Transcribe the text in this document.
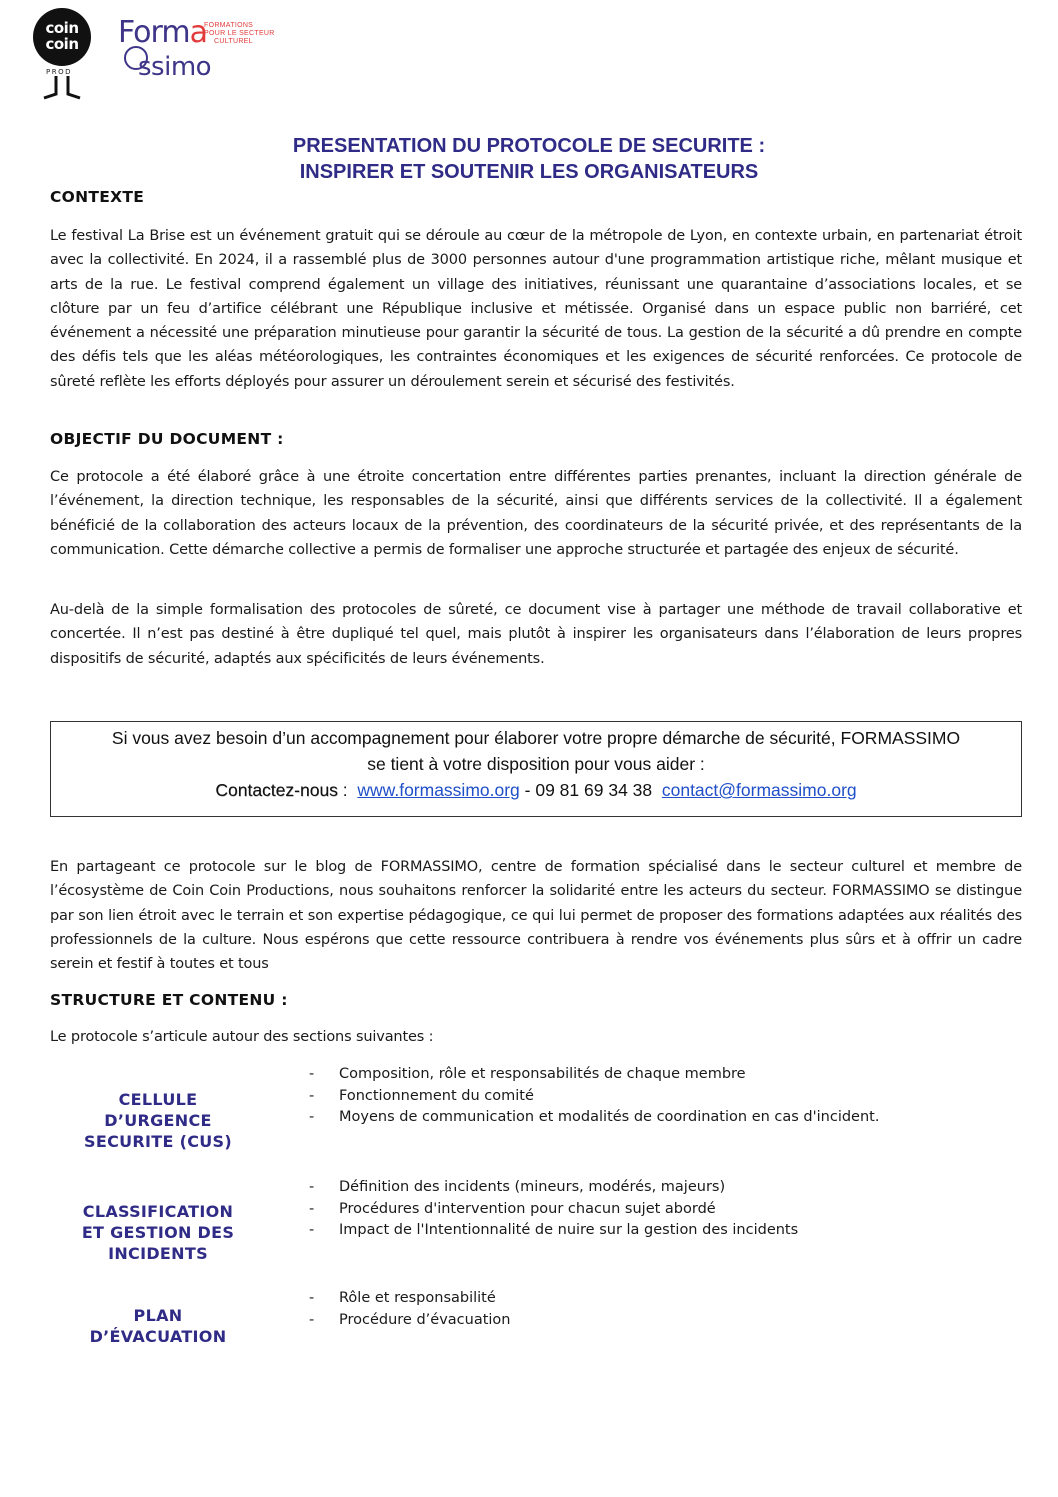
coin
coin
PROD
Forma
ssimo
FORMATIONS
POUR LE SECTEUR
CULTUREL
PRESENTATION DU PROTOCOLE DE SECURITE :
INSPIRER ET SOUTENIR LES ORGANISATEURS
CONTEXTE
Le festival La Brise est un événement gratuit qui se déroule au cœur de la métropole de Lyon, en contexte urbain, en partenariat étroit avec la collectivité. En 2024, il a rassemblé plus de 3000 personnes autour d'une programmation artistique riche, mêlant musique et arts de la rue. Le festival comprend également un village des initiatives, réunissant une quarantaine d’associations locales, et se clôture par un feu d’artifice célébrant une République inclusive et métissée. Organisé dans un espace public non barriéré, cet événement a nécessité une préparation minutieuse pour garantir la sécurité de tous. La gestion de la sécurité a dû prendre en compte des défis tels que les aléas météorologiques, les contraintes économiques et les exigences de sécurité renforcées. Ce protocole de sûreté reflète les efforts déployés pour assurer un déroulement serein et sécurisé des festivités.
OBJECTIF DU DOCUMENT :
Ce protocole a été élaboré grâce à une étroite concertation entre différentes parties prenantes, incluant la direction générale de l’événement, la direction technique, les responsables de la sécurité, ainsi que différents services de la collectivité. Il a également bénéficié de la collaboration des acteurs locaux de la prévention, des coordinateurs de la sécurité privée, et des représentants de la communication. Cette démarche collective a permis de formaliser une approche structurée et partagée des enjeux de sécurité.
Au-delà de la simple formalisation des protocoles de sûreté, ce document vise à partager une méthode de travail collaborative et concertée. Il n’est pas destiné à être dupliqué tel quel, mais plutôt à inspirer les organisateurs dans l’élaboration de leurs propres dispositifs de sécurité, adaptés aux spécificités de leurs événements.
Si vous avez besoin d’un accompagnement pour élaborer votre propre démarche de sécurité, FORMASSIMO
se tient à votre disposition pour vous aider :
Contactez-nous :  www.formassimo.org - 09 81 69 34 38  contact@formassimo.org
En partageant ce protocole sur le blog de FORMASSIMO, centre de formation spécialisé dans le secteur culturel et membre de l’écosystème de Coin Coin Productions, nous souhaitons renforcer la solidarité entre les acteurs du secteur. FORMASSIMO se distingue par son lien étroit avec le terrain et son expertise pédagogique, ce qui lui permet de proposer des formations adaptées aux réalités des professionnels de la culture. Nous espérons que cette ressource contribuera à rendre vos événements plus sûrs et à offrir un cadre serein et festif à toutes et tous
STRUCTURE ET CONTENU :
Le protocole s’articule autour des sections suivantes :
CELLULE
D’URGENCE
SECURITE (CUS)
- Composition, rôle et responsabilités de chaque membre
- Fonctionnement du comité
- Moyens de communication et modalités de coordination en cas d'incident.
CLASSIFICATION
ET GESTION DES
INCIDENTS
- Définition des incidents (mineurs, modérés, majeurs)
- Procédures d'intervention pour chacun sujet abordé
- Impact de l'Intentionnalité de nuire sur la gestion des incidents
PLAN
D’ÉVACUATION
- Rôle et responsabilité
- Procédure d’évacuation
